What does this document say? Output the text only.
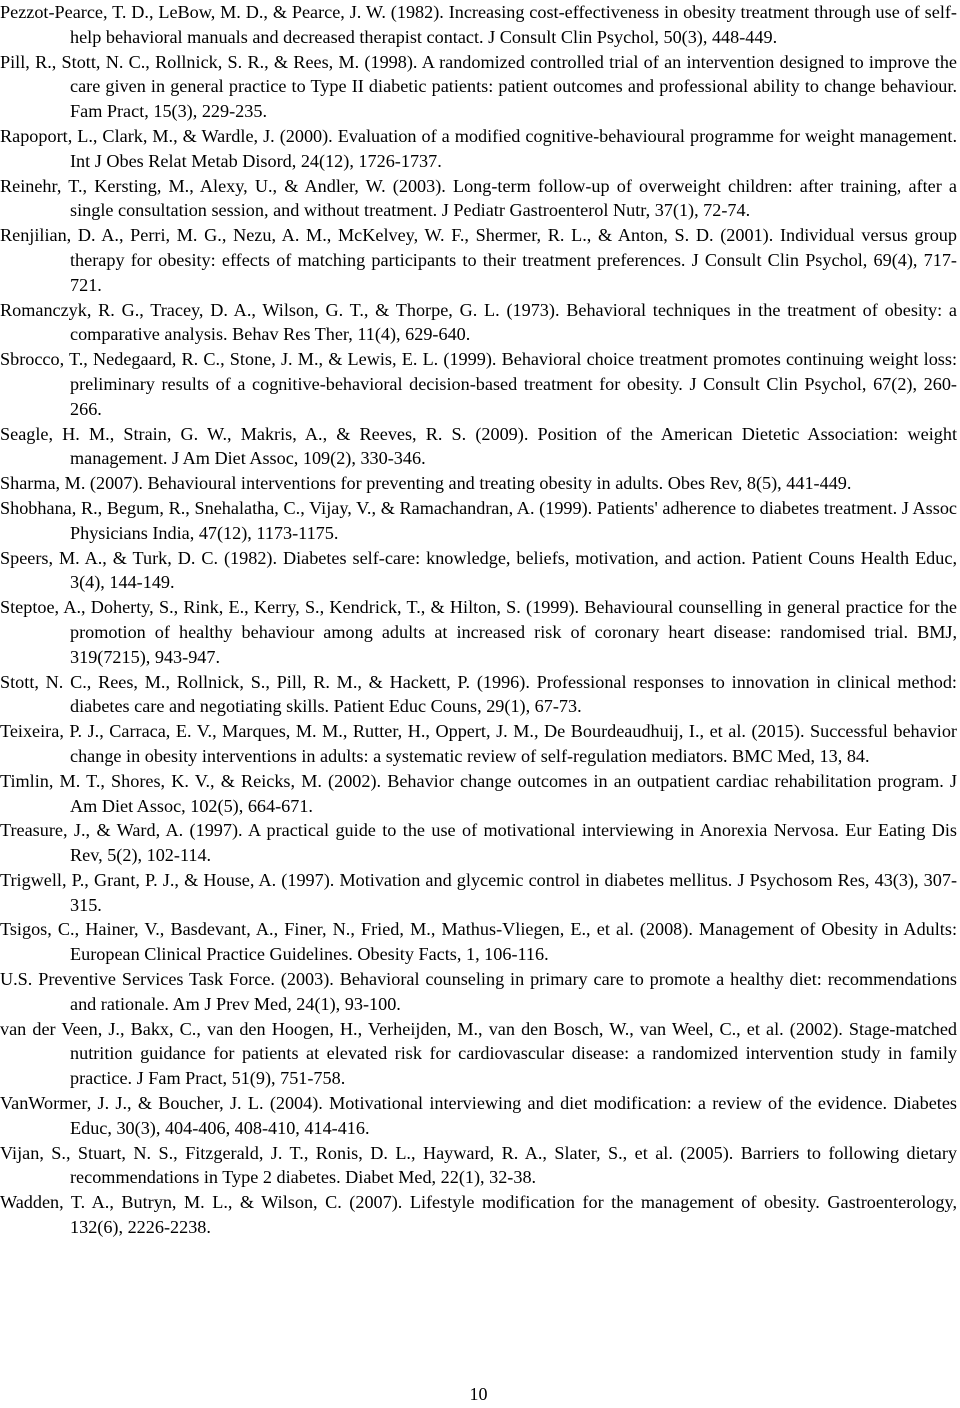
Pezzot-Pearce, T. D., LeBow, M. D., & Pearce, J. W. (1982). Increasing cost-effectiveness in obesity treatment through use of self-help behavioral manuals and decreased therapist contact. J Consult Clin Psychol, 50(3), 448-449.
Pill, R., Stott, N. C., Rollnick, S. R., & Rees, M. (1998). A randomized controlled trial of an intervention designed to improve the care given in general practice to Type II diabetic patients: patient outcomes and professional ability to change behaviour. Fam Pract, 15(3), 229-235.
Rapoport, L., Clark, M., & Wardle, J. (2000). Evaluation of a modified cognitive-behavioural programme for weight management. Int J Obes Relat Metab Disord, 24(12), 1726-1737.
Reinehr, T., Kersting, M., Alexy, U., & Andler, W. (2003). Long-term follow-up of overweight children: after training, after a single consultation session, and without treatment. J Pediatr Gastroenterol Nutr, 37(1), 72-74.
Renjilian, D. A., Perri, M. G., Nezu, A. M., McKelvey, W. F., Shermer, R. L., & Anton, S. D. (2001). Individual versus group therapy for obesity: effects of matching participants to their treatment preferences. J Consult Clin Psychol, 69(4), 717-721.
Romanczyk, R. G., Tracey, D. A., Wilson, G. T., & Thorpe, G. L. (1973). Behavioral techniques in the treatment of obesity: a comparative analysis. Behav Res Ther, 11(4), 629-640.
Sbrocco, T., Nedegaard, R. C., Stone, J. M., & Lewis, E. L. (1999). Behavioral choice treatment promotes continuing weight loss: preliminary results of a cognitive-behavioral decision-based treatment for obesity. J Consult Clin Psychol, 67(2), 260-266.
Seagle, H. M., Strain, G. W., Makris, A., & Reeves, R. S. (2009). Position of the American Dietetic Association: weight management. J Am Diet Assoc, 109(2), 330-346.
Sharma, M. (2007). Behavioural interventions for preventing and treating obesity in adults. Obes Rev, 8(5), 441-449.
Shobhana, R., Begum, R., Snehalatha, C., Vijay, V., & Ramachandran, A. (1999). Patients' adherence to diabetes treatment. J Assoc Physicians India, 47(12), 1173-1175.
Speers, M. A., & Turk, D. C. (1982). Diabetes self-care: knowledge, beliefs, motivation, and action. Patient Couns Health Educ, 3(4), 144-149.
Steptoe, A., Doherty, S., Rink, E., Kerry, S., Kendrick, T., & Hilton, S. (1999). Behavioural counselling in general practice for the promotion of healthy behaviour among adults at increased risk of coronary heart disease: randomised trial. BMJ, 319(7215), 943-947.
Stott, N. C., Rees, M., Rollnick, S., Pill, R. M., & Hackett, P. (1996). Professional responses to innovation in clinical method: diabetes care and negotiating skills. Patient Educ Couns, 29(1), 67-73.
Teixeira, P. J., Carraca, E. V., Marques, M. M., Rutter, H., Oppert, J. M., De Bourdeaudhuij, I., et al. (2015). Successful behavior change in obesity interventions in adults: a systematic review of self-regulation mediators. BMC Med, 13, 84.
Timlin, M. T., Shores, K. V., & Reicks, M. (2002). Behavior change outcomes in an outpatient cardiac rehabilitation program. J Am Diet Assoc, 102(5), 664-671.
Treasure, J., & Ward, A. (1997). A practical guide to the use of motivational interviewing in Anorexia Nervosa. Eur Eating Dis Rev, 5(2), 102-114.
Trigwell, P., Grant, P. J., & House, A. (1997). Motivation and glycemic control in diabetes mellitus. J Psychosom Res, 43(3), 307-315.
Tsigos, C., Hainer, V., Basdevant, A., Finer, N., Fried, M., Mathus-Vliegen, E., et al. (2008). Management of Obesity in Adults: European Clinical Practice Guidelines. Obesity Facts, 1, 106-116.
U.S. Preventive Services Task Force. (2003). Behavioral counseling in primary care to promote a healthy diet: recommendations and rationale. Am J Prev Med, 24(1), 93-100.
van der Veen, J., Bakx, C., van den Hoogen, H., Verheijden, M., van den Bosch, W., van Weel, C., et al. (2002). Stage-matched nutrition guidance for patients at elevated risk for cardiovascular disease: a randomized intervention study in family practice. J Fam Pract, 51(9), 751-758.
VanWormer, J. J., & Boucher, J. L. (2004). Motivational interviewing and diet modification: a review of the evidence. Diabetes Educ, 30(3), 404-406, 408-410, 414-416.
Vijan, S., Stuart, N. S., Fitzgerald, J. T., Ronis, D. L., Hayward, R. A., Slater, S., et al. (2005). Barriers to following dietary recommendations in Type 2 diabetes. Diabet Med, 22(1), 32-38.
Wadden, T. A., Butryn, M. L., & Wilson, C. (2007). Lifestyle modification for the management of obesity. Gastroenterology, 132(6), 2226-2238.
10
